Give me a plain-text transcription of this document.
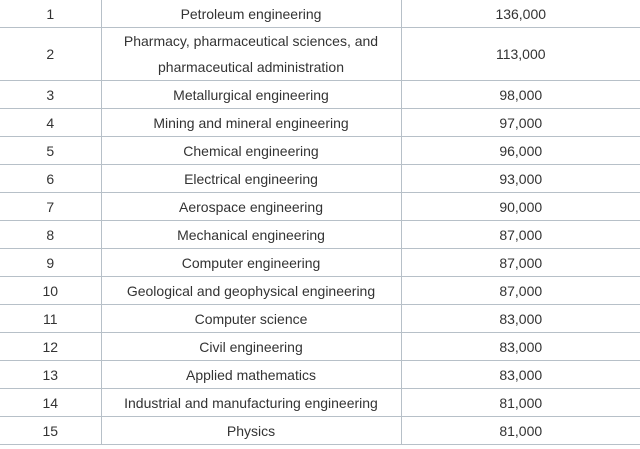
1	Petroleum engineering	136,000
2	Pharmacy, pharmaceutical sciences, and pharmaceutical administration	113,000
3	Metallurgical engineering	98,000
4	Mining and mineral engineering	97,000
5	Chemical engineering	96,000
6	Electrical engineering	93,000
7	Aerospace engineering	90,000
8	Mechanical engineering	87,000
9	Computer engineering	87,000
10	Geological and geophysical engineering	87,000
11	Computer science	83,000
12	Civil engineering	83,000
13	Applied mathematics	83,000
14	Industrial and manufacturing engineering	81,000
15	Physics	81,000
